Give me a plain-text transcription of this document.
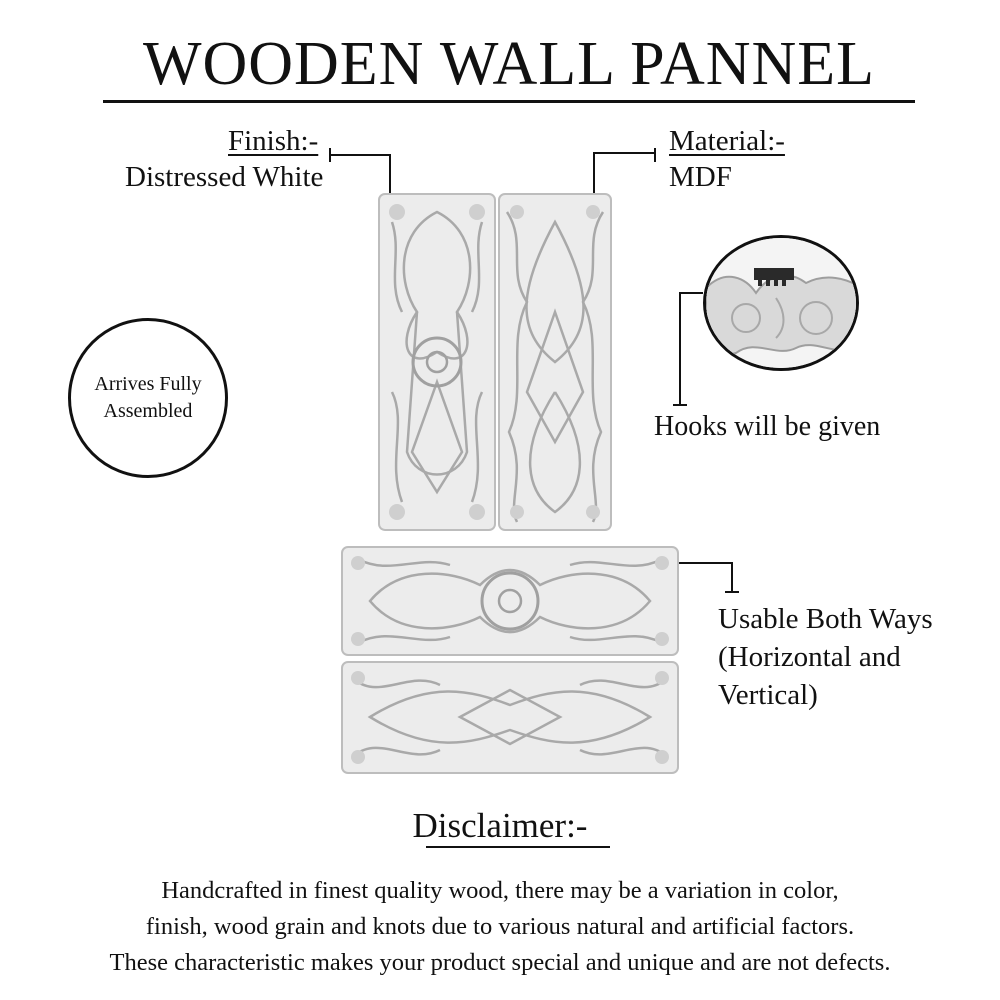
WOODEN WALL PANNEL
Finish:-
Distressed White
Material:-
MDF
Arrives Fully
Assembled	Hooks will be given
Usable Both Ways
(Horizontal and
Vertical)
Disclaimer:-
Handcrafted in finest quality wood, there may be a variation in color,
finish, wood grain and knots due to various natural and artificial factors.
These characteristic makes your product special and unique and are not defects.
